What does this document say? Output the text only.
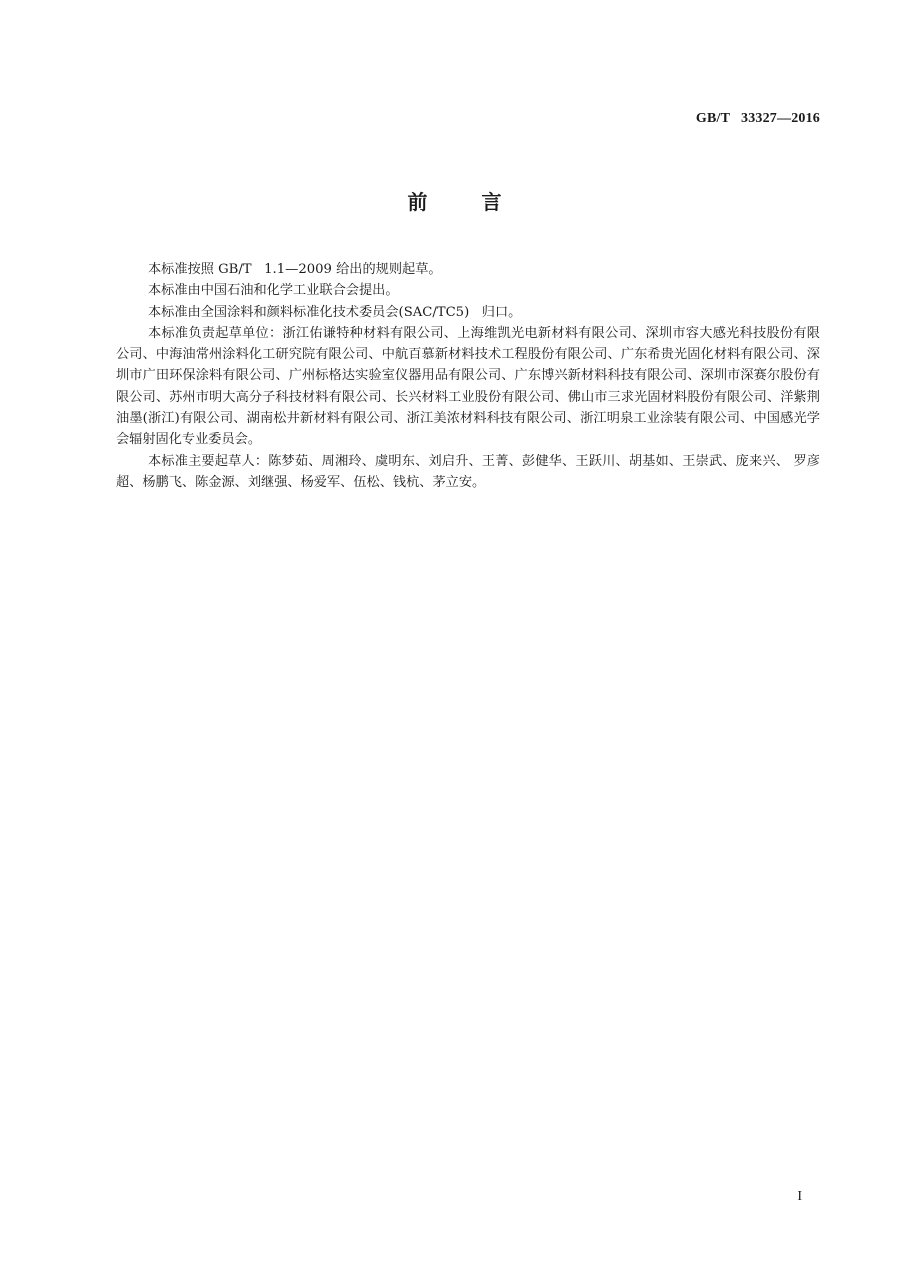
GB/T   33327—2016
前言

本标准按照 GB/T   1.1—2009 给出的规则起草。

本标准由中国石油和化学工业联合会提出。

本标准由全国涂料和颜料标准化技术委员会(SAC/TC5)   归口。

本标准负责起草单位：浙江佑谦特种材料有限公司、上海维凯光电新材料有限公司、深圳市容大感光科技股份有限公司、中海油常州涂料化工研究院有限公司、中航百慕新材料技术工程股份有限公司、广东希贵光固化材料有限公司、深圳市广田环保涂料有限公司、广州标格达实验室仪器用品有限公司、广东博兴新材料科技有限公司、深圳市深赛尔股份有限公司、苏州市明大高分子科技材料有限公司、长兴材料工业股份有限公司、佛山市三求光固材料股份有限公司、洋紫荆油墨(浙江)有限公司、湖南松井新材料有限公司、浙江美浓材料科技有限公司、浙江明泉工业涂装有限公司、中国感光学会辐射固化专业委员会。

本标准主要起草人：陈梦茹、周湘玲、虞明东、刘启升、王菁、彭健华、王跃川、胡基如、王崇武、庞来兴、 罗彦超、杨鹏飞、陈金源、刘继强、杨爱军、伍松、钱杭、茅立安。

I
